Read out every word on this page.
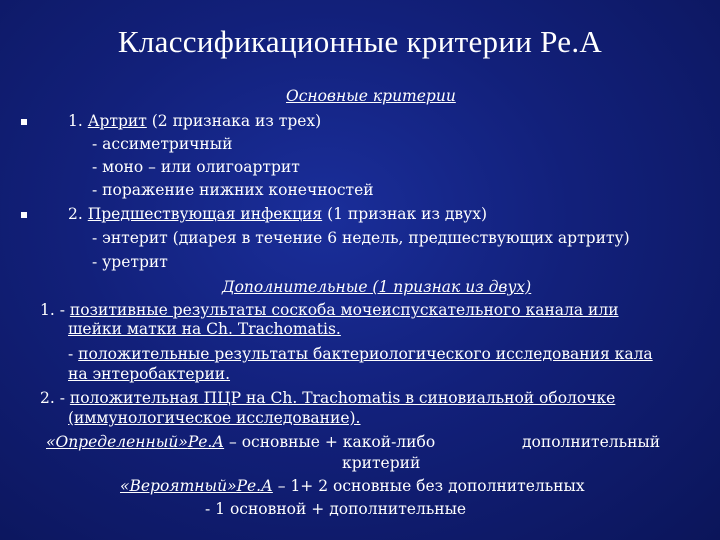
Классификационные критерии Ре.А
Основные критерии
1. Артрит (2 признака из трех)
- ассиметричный
- моно – или олигоартрит
- поражение нижних конечностей
2. Предшествующая инфекция (1 признак из двух)
- энтерит (диарея в течение 6 недель, предшествующих артриту)
- уретрит
Дополнительные (1 признак из двух)
1. - позитивные результаты соскоба мочеиспускательного канала или
шейки матки на Ch. Trachomatis.
- положительные результаты бактериологического исследования кала
на энтеробактерии.
2. - положительная ПЦР на Ch. Trachomatis в синовиальной оболочке
(иммунологическое исследование).
«Определенный»Ре.А – основные + какой-либо	дополнительный
критерий
«Вероятный»Ре.А – 1+ 2 основные без дополнительных
- 1 основной + дополнительные
